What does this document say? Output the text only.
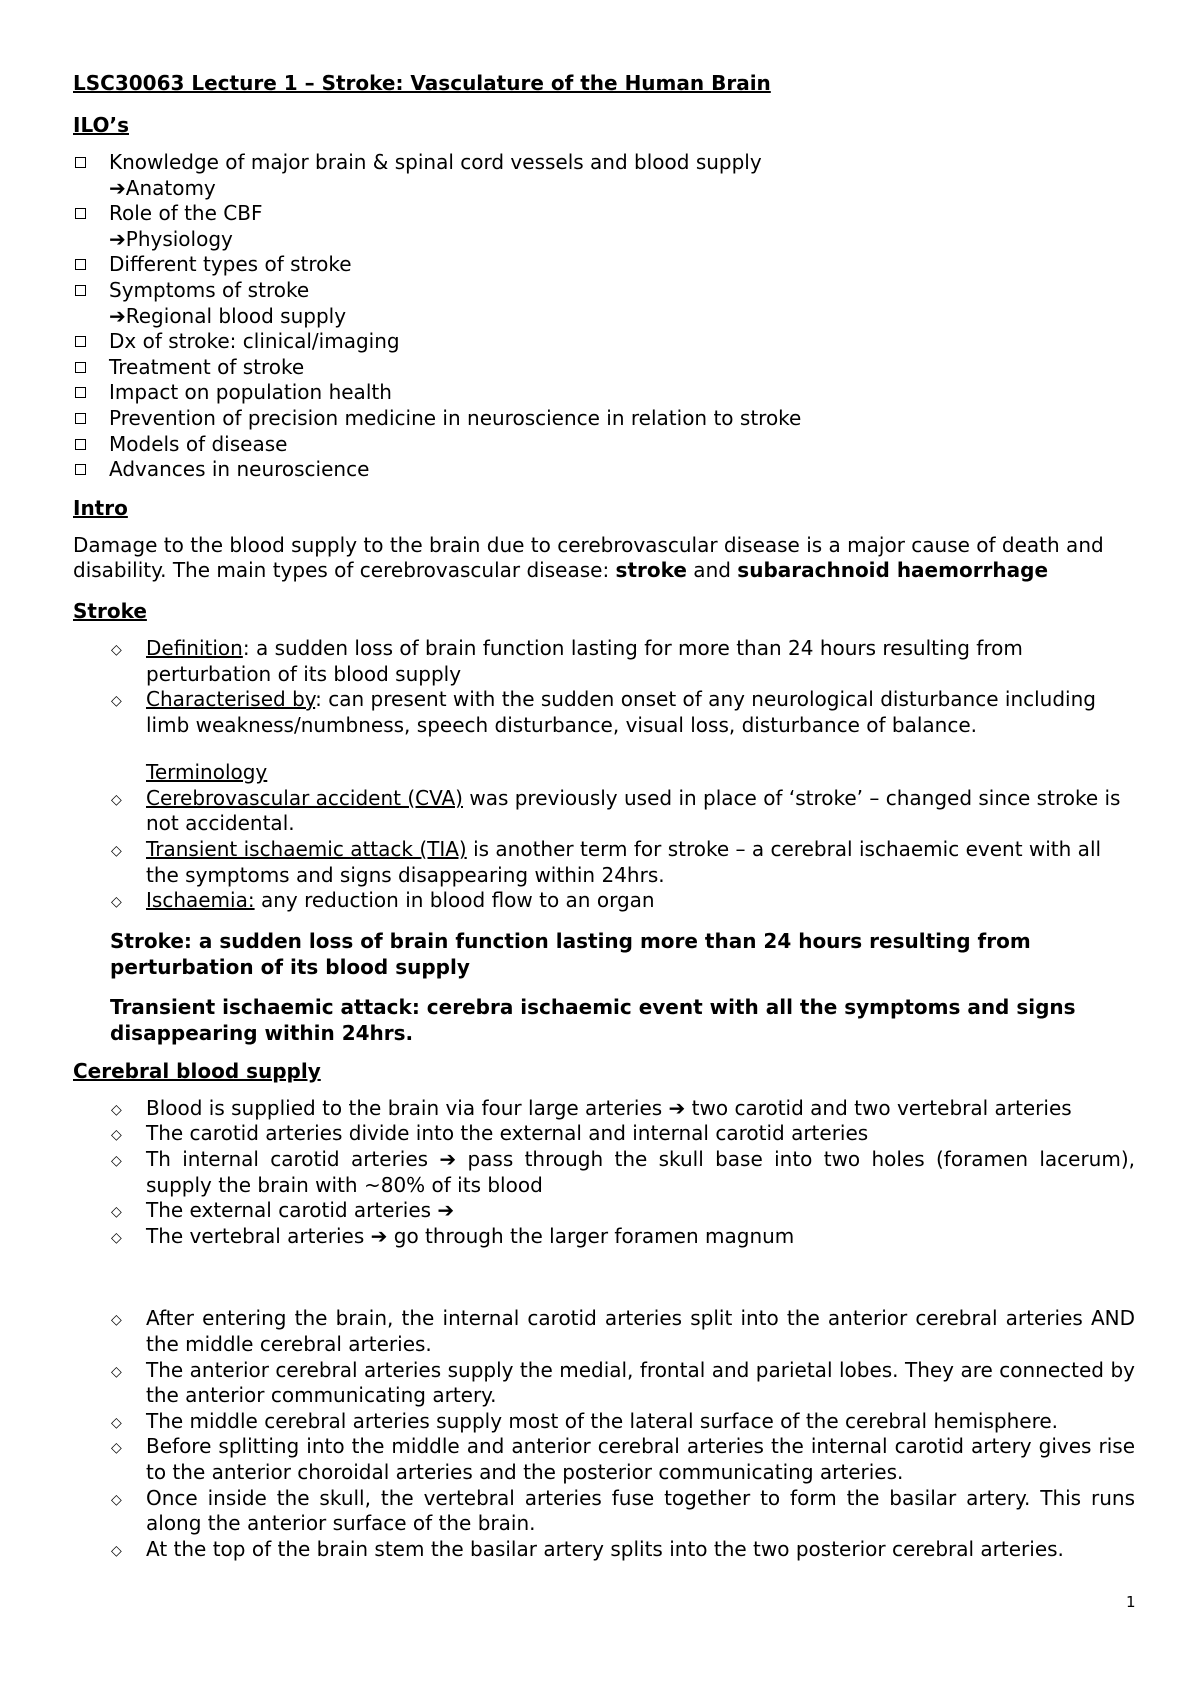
LSC30063 Lecture 1 – Stroke: Vasculature of the Human Brain

ILO’s

Knowledge of major brain & spinal cord vessels and blood supply
➔Anatomy
Role of the CBF
➔Physiology
Different types of stroke
Symptoms of stroke
➔Regional blood supply
Dx of stroke: clinical/imaging
Treatment of stroke
Impact on population health
Prevention of precision medicine in neuroscience in relation to stroke
Models of disease
Advances in neuroscience

Intro

Damage to the blood supply to the brain due to cerebrovascular disease is a major cause of death and disability. The main types of cerebrovascular disease: stroke and subarachnoid haemorrhage

Stroke

◇ Definition: a sudden loss of brain function lasting for more than 24 hours resulting from perturbation of its blood supply
◇ Characterised by: can present with the sudden onset of any neurological disturbance including limb weakness/numbness, speech disturbance, visual loss, disturbance of balance.

Terminology

◇ Cerebrovascular accident (CVA) was previously used in place of ‘stroke’ – changed since stroke is not accidental.
◇ Transient ischaemic attack (TIA) is another term for stroke – a cerebral ischaemic event with all the symptoms and signs disappearing within 24hrs.
◇ Ischaemia: any reduction in blood flow to an organ

Stroke: a sudden loss of brain function lasting more than 24 hours resulting from perturbation of its blood supply

Transient ischaemic attack: cerebra ischaemic event with all the symptoms and signs disappearing within 24hrs.

Cerebral blood supply

◇ Blood is supplied to the brain via four large arteries ➔ two carotid and two vertebral arteries
◇ The carotid arteries divide into the external and internal carotid arteries
◇ Th internal carotid arteries ➔ pass through the skull base into two holes (foramen lacerum), supply the brain with ~80% of its blood
◇ The external carotid arteries ➔
◇ The vertebral arteries ➔ go through the larger foramen magnum
◇ After entering the brain, the internal carotid arteries split into the anterior cerebral arteries AND the middle cerebral arteries.
◇ The anterior cerebral arteries supply the medial, frontal and parietal lobes. They are connected by the anterior communicating artery.
◇ The middle cerebral arteries supply most of the lateral surface of the cerebral hemisphere.
◇ Before splitting into the middle and anterior cerebral arteries the internal carotid artery gives rise to the anterior choroidal arteries and the posterior communicating arteries.
◇ Once inside the skull, the vertebral arteries fuse together to form the basilar artery. This runs along the anterior surface of the brain.
◇ At the top of the brain stem the basilar artery splits into the two posterior cerebral arteries.
1
